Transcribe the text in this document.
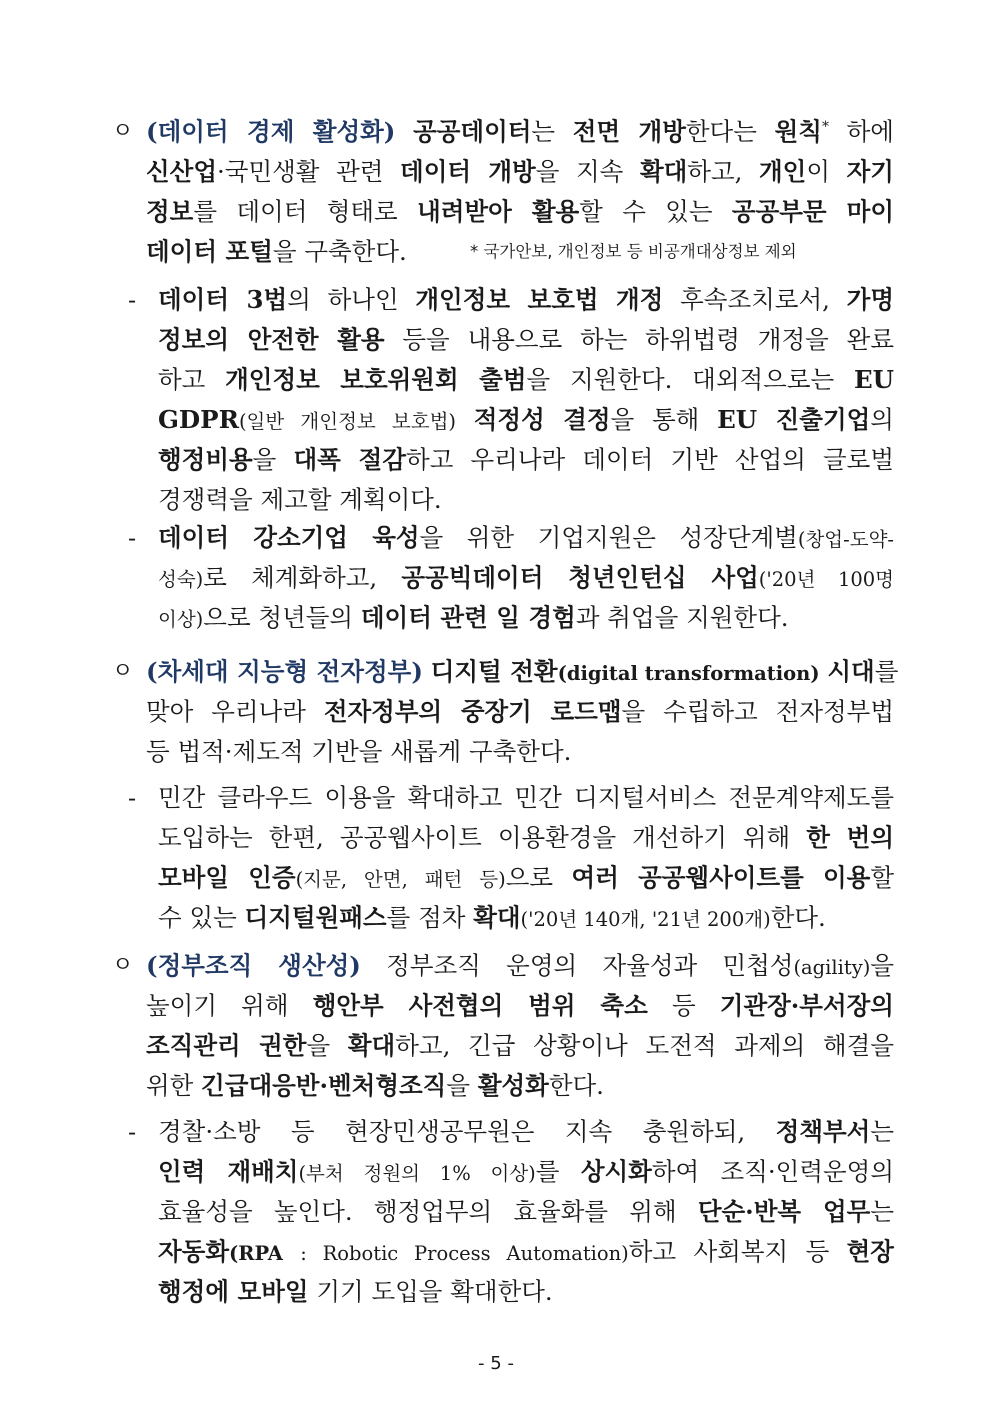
ㅇ (데이터 경제 활성화) 공공데이터는 전면 개방한다는 원칙* 하에
신산업·국민생활 관련 데이터 개방을 지속 확대하고, 개인이 자기
정보를 데이터 형태로 내려받아 활용할 수 있는 공공부문 마이
데이터 포털을 구축한다.	* 국가안보, 개인정보 등 비공개대상정보 제외
- 데이터 3법의 하나인 개인정보 보호법 개정 후속조치로서, 가명
정보의 안전한 활용 등을 내용으로 하는 하위법령 개정을 완료
하고 개인정보 보호위원회 출범을 지원한다. 대외적으로는 EU
GDPR(일반 개인정보 보호법) 적정성 결정을 통해 EU 진출기업의
행정비용을 대폭 절감하고 우리나라 데이터 기반 산업의 글로벌
경쟁력을 제고할 계획이다.
- 데이터 강소기업 육성을 위한 기업지원은 성장단계별(창업-도약-
성숙)로 체계화하고, 공공빅데이터 청년인턴십 사업('20년 100명
이상)으로 청년들의 데이터 관련 일 경험과 취업을 지원한다.
ㅇ (차세대 지능형 전자정부) 디지털 전환(digital transformation) 시대를
맞아 우리나라 전자정부의 중장기 로드맵을 수립하고 전자정부법
등 법적·제도적 기반을 새롭게 구축한다.
- 민간 클라우드 이용을 확대하고 민간 디지털서비스 전문계약제도를
도입하는 한편, 공공웹사이트 이용환경을 개선하기 위해 한 번의
모바일 인증(지문, 안면, 패턴 등)으로 여러 공공웹사이트를 이용할
수 있는 디지털원패스를 점차 확대('20년 140개, '21년 200개)한다.
ㅇ (정부조직 생산성) 정부조직 운영의 자율성과 민첩성(agility)을
높이기 위해 행안부 사전협의 범위 축소 등 기관장·부서장의
조직관리 권한을 확대하고, 긴급 상황이나 도전적 과제의 해결을
위한 긴급대응반·벤처형조직을 활성화한다.
- 경찰·소방 등 현장민생공무원은 지속 충원하되, 정책부서는
인력 재배치(부처 정원의 1% 이상)를 상시화하여 조직·인력운영의
효율성을 높인다. 행정업무의 효율화를 위해 단순·반복 업무는
자동화(RPA : Robotic Process Automation)하고 사회복지 등 현장
행정에 모바일 기기 도입을 확대한다.
- 5 -
